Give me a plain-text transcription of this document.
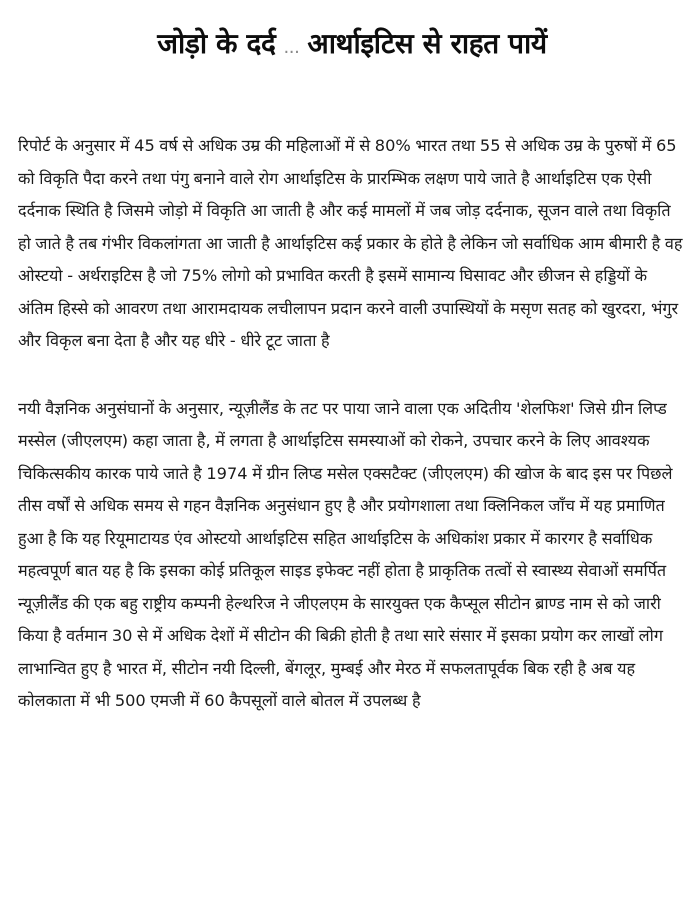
जोड़ो के दर्द ... आर्थाइटिस से राहत पायें

रिपोर्ट के अनुसार में 45 वर्ष से अधिक उम्र की महिलाओं में से 80% भारत तथा 55 से अधिक उम्र के पुरुषों में 65 को विकृति पैदा करने तथा पंगु बनाने वाले रोग आर्थाइटिस के प्रारम्भिक लक्षण पाये जाते है आर्थाइटिस एक ऐसी दर्दनाक स्थिति है जिसमे जोड़ो में विकृति आ जाती है और कई मामलों में जब जोड़ दर्दनाक, सूजन वाले तथा विकृति हो जाते है तब गंभीर विकलांगता आ जाती है आर्थाइटिस कई प्रकार के होते है लेकिन जो सर्वाधिक आम बीमारी है वह ओस्टयो - अर्थराइटिस है जो 75% लोगो को प्रभावित करती है इसमें सामान्य घिसावट और छीजन से हड्डियों के अंतिम हिस्से को आवरण तथा आरामदायक लचीलापन प्रदान करने वाली उपास्थियों के मसृण सतह को खुरदरा, भंगुर और विकृल बना देता है और यह धीरे - धीरे टूट जाता है

नयी वैज्ञनिक अनुसंघानों के अनुसार, न्यूज़ीलैंड के तट पर पाया जाने वाला एक अदितीय 'शेलफिश' जिसे ग्रीन लिप्ड मस्सेल (जीएलएम) कहा जाता है, में लगता है आर्थाइटिस समस्याओं को रोकने, उपचार करने के लिए आवश्यक चिकित्सकीय कारक पाये जाते है 1974 में ग्रीन लिप्ड मसेल एक्सटैक्ट (जीएलएम) की खोज के बाद इस पर पिछले तीस वर्षों से अधिक समय से गहन वैज्ञनिक अनुसंधान हुए है और प्रयोगशाला तथा क्लिनिकल जाँच में यह प्रमाणित हुआ है कि यह रियूमाटायड एंव ओस्टयो आर्थाइटिस सहित आर्थाइटिस के अधिकांश प्रकार में कारगर है सर्वाधिक महत्वपूर्ण बात यह है कि इसका कोई प्रतिकूल साइड इफेक्ट नहीं होता है प्राकृतिक तत्वों से स्वास्थ्य सेवाओं समर्पित न्यूज़ीलैंड की एक बहु राष्ट्रीय कम्पनी हेल्थरिज ने जीएलएम के सारयुक्त एक कैप्सूल सीटोन ब्राण्ड नाम से को जारी किया है वर्तमान 30 से में अधिक देशों में सीटोन की बिक्री होती है तथा सारे संसार में इसका प्रयोग कर लाखों लोग लाभान्वित हुए है भारत में, सीटोन नयी दिल्ली, बेंगलूर, मुम्बई और मेरठ में सफलतापूर्वक बिक रही है अब यह कोलकाता में भी 500 एमजी में 60 कैपसूलों वाले बोतल में उपलब्ध है
